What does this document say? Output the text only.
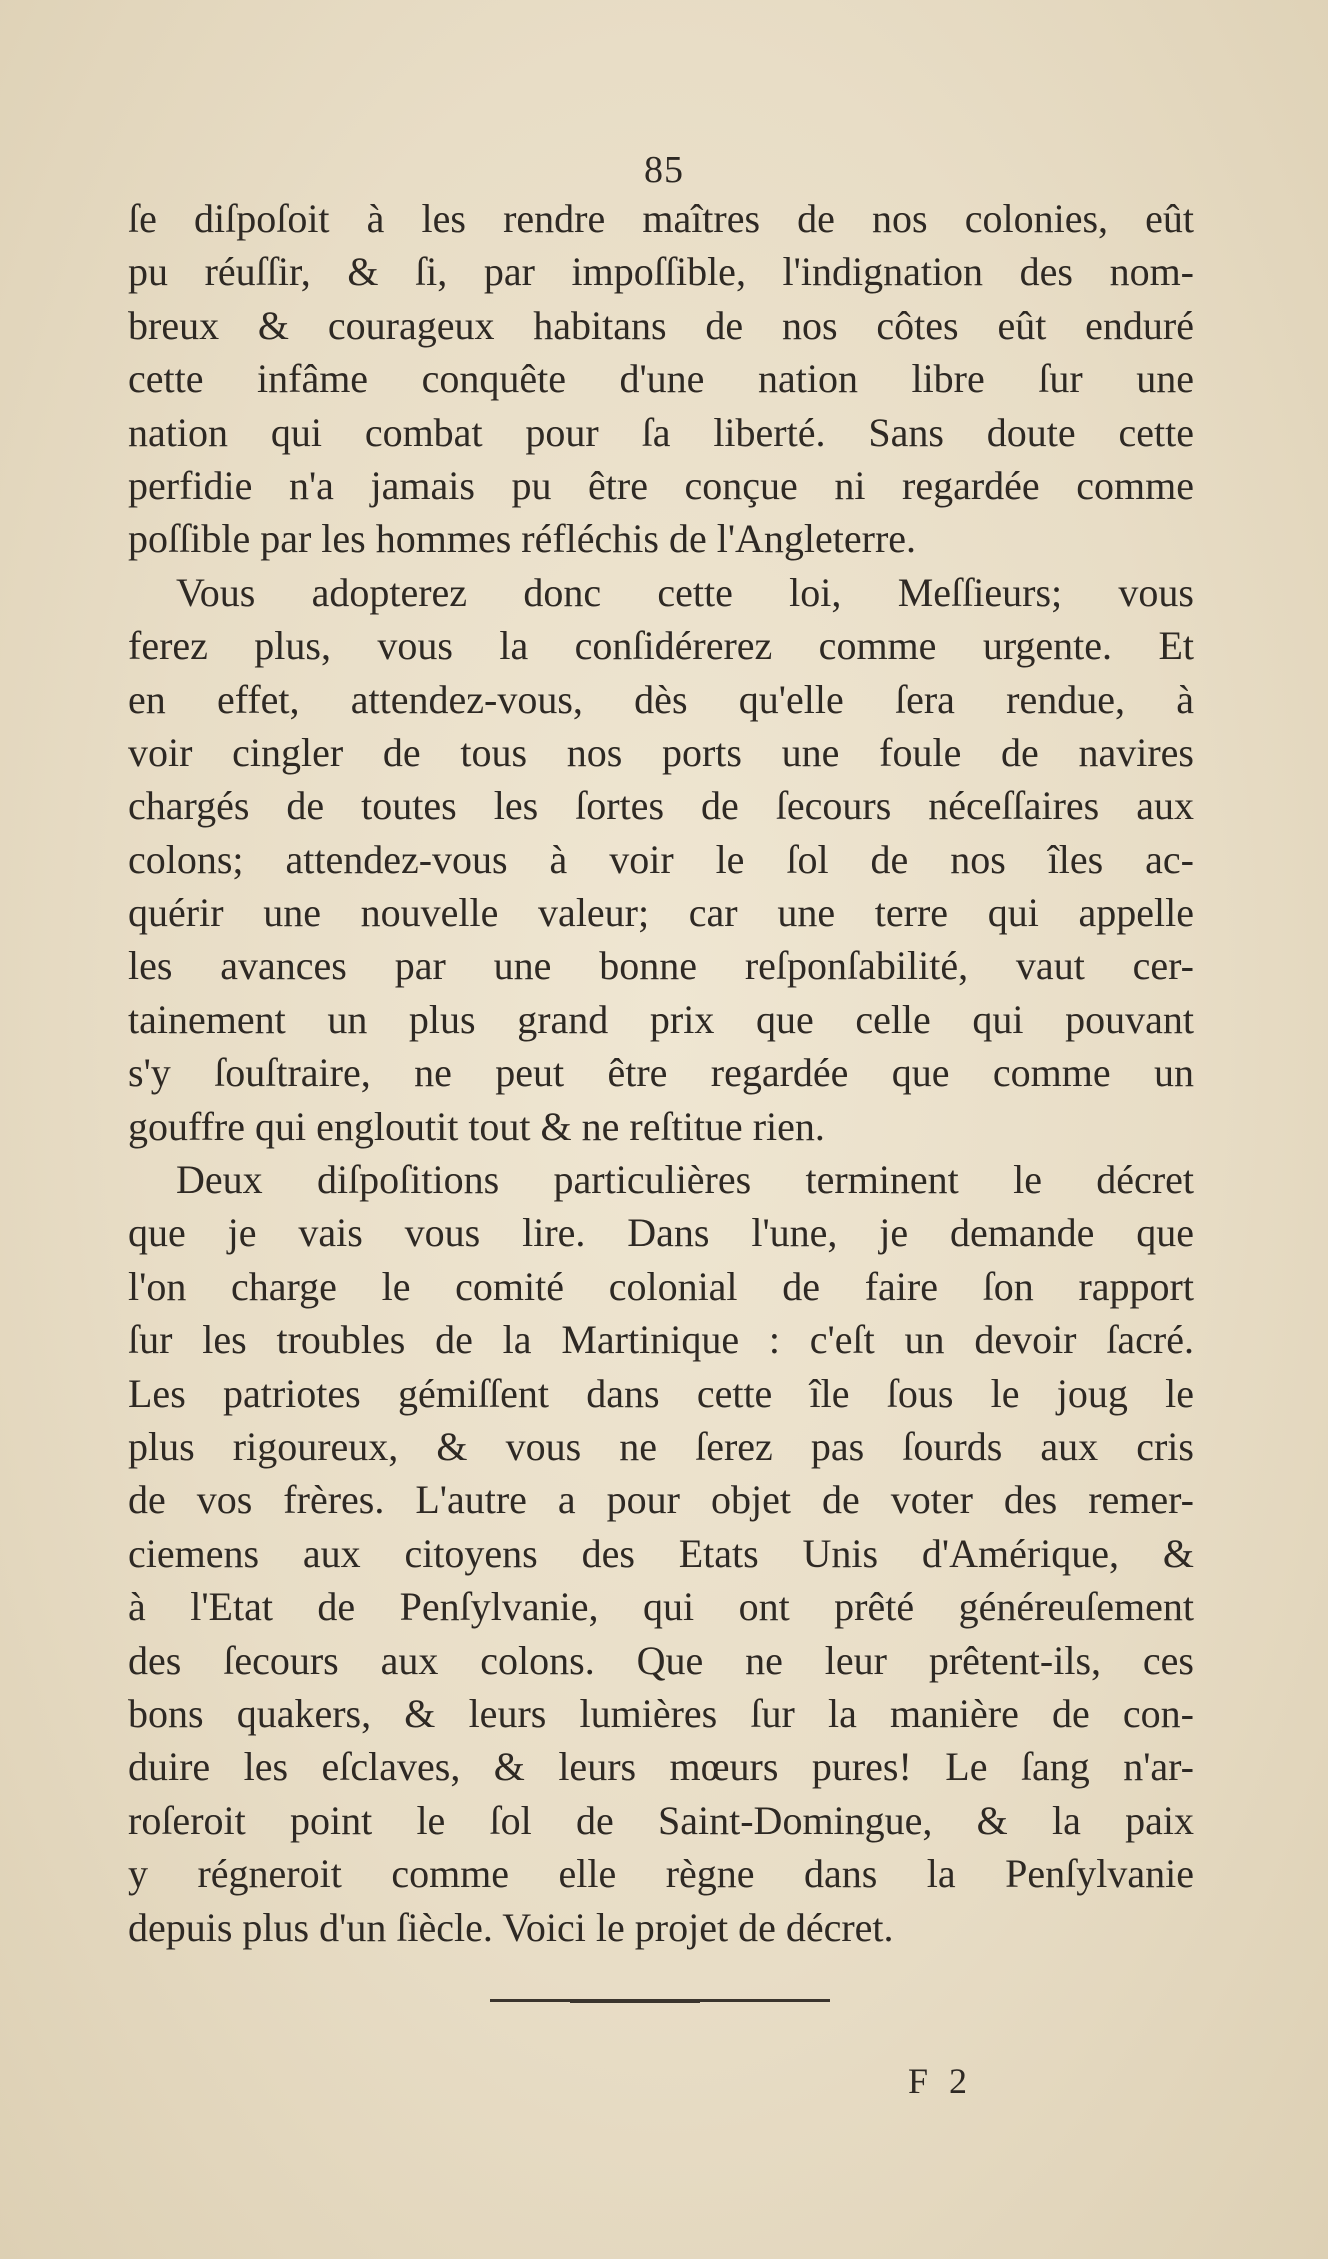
85
ſe diſpoſoit à les rendre maîtres de nos colonies, eût
pu réuſſir, & ſi, par impoſſible, l'indignation des nom-
breux & courageux habitans de nos côtes eût enduré
cette infâme conquête d'une nation libre ſur une
nation qui combat pour ſa liberté. Sans doute cette
perfidie n'a jamais pu être conçue ni regardée comme
poſſible par les hommes réfléchis de l'Angleterre.
Vous adopterez donc cette loi, Meſſieurs; vous
ferez plus, vous la conſidérerez comme urgente. Et
en effet, attendez-vous, dès qu'elle ſera rendue, à
voir cingler de tous nos ports une foule de navires
chargés de toutes les ſortes de ſecours néceſſaires aux
colons; attendez-vous à voir le ſol de nos îles ac-
quérir une nouvelle valeur; car une terre qui appelle
les avances par une bonne reſponſabilité, vaut cer-
tainement un plus grand prix que celle qui pouvant
s'y ſouſtraire, ne peut être regardée que comme un
gouffre qui engloutit tout & ne reſtitue rien.
Deux diſpoſitions particulières terminent le décret
que je vais vous lire. Dans l'une, je demande que
l'on charge le comité colonial de faire ſon rapport
ſur les troubles de la Martinique : c'eſt un devoir ſacré.
Les patriotes gémiſſent dans cette île ſous le joug le
plus rigoureux, & vous ne ſerez pas ſourds aux cris
de vos frères. L'autre a pour objet de voter des remer-
ciemens aux citoyens des Etats Unis d'Amérique, &
à l'Etat de Penſylvanie, qui ont prêté généreuſement
des ſecours aux colons. Que ne leur prêtent-ils, ces
bons quakers, & leurs lumières ſur la manière de con-
duire les eſclaves, & leurs mœurs pures! Le ſang n'ar-
roſeroit point le ſol de Saint-Domingue, & la paix
y régneroit comme elle règne dans la Penſylvanie
depuis plus d'un ſiècle. Voici le projet de décret.
F 2
